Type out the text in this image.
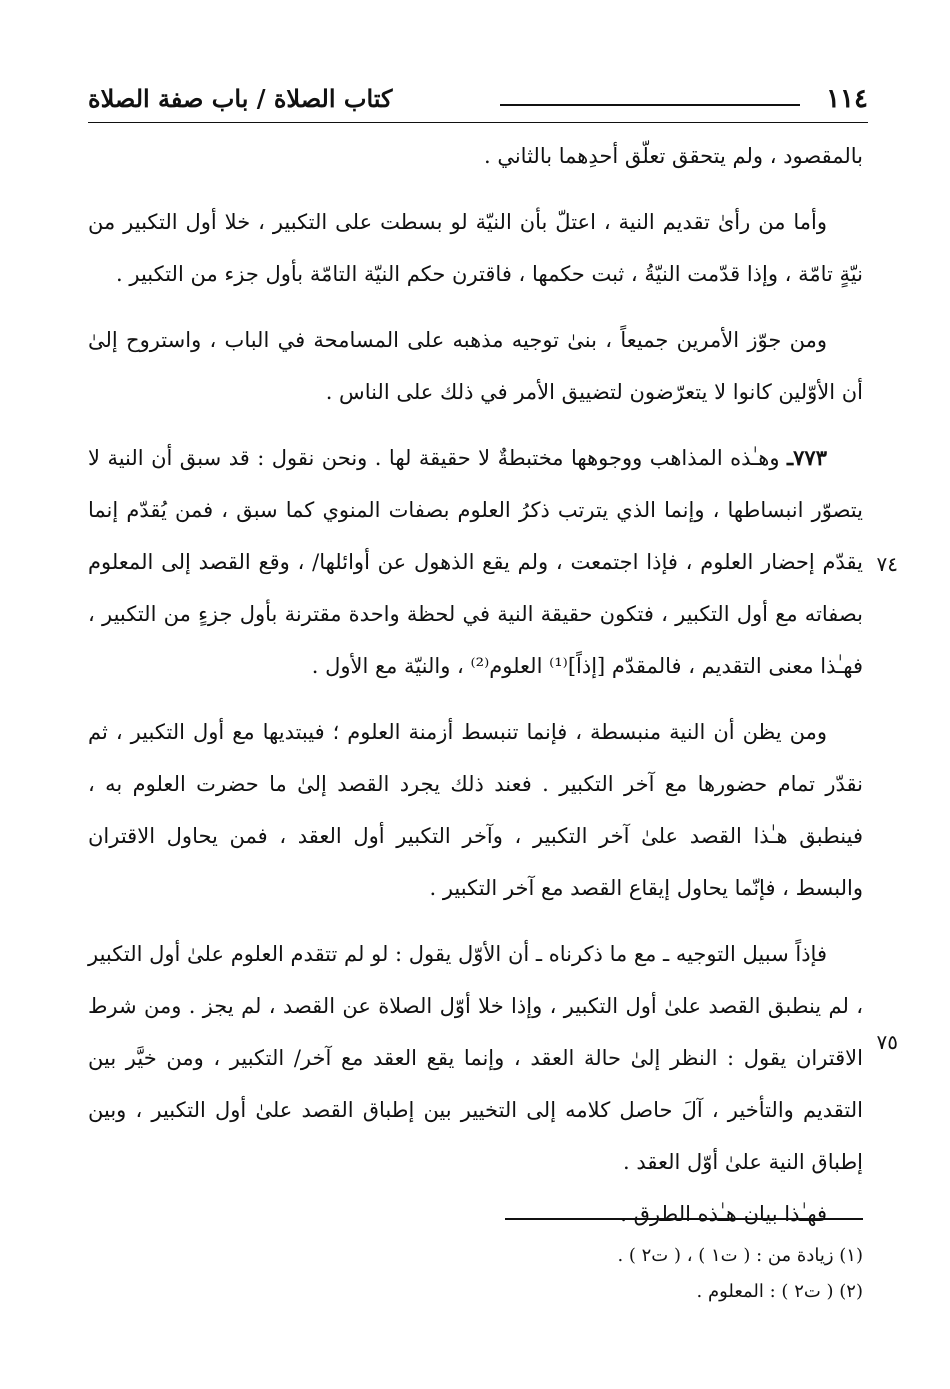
١١٤
كتاب الصلاة / باب صفة الصلاة

بالمقصود ، ولم يتحقق تعلّق أحدِهما بالثاني .

وأما من رأىٰ تقديم النية ، اعتلّ بأن النيّة لو بسطت على التكبير ، خلا أول التكبير من نيّةٍ تامّة ، وإذا قدّمت النيّةُ ، ثبت حكمها ، فاقترن حكم النيّة التامّة بأول جزء من التكبير .

ومن جوّز الأمرين جميعاً ، بنىٰ توجيه مذهبه على المسامحة في الباب ، واستروح إلىٰ أن الأوّلين كانوا لا يتعرّضون لتضييق الأمر في ذلك على الناس .

٧٧٣ـ وهـٰذه المذاهب ووجوهها مختبطةٌ لا حقيقة لها . ونحن نقول : قد سبق أن النية لا يتصوّر انبساطها ، وإنما الذي يترتب ذكرُ العلوم بصفات المنوي كما سبق ، فمن يُقدّم إنما يقدّم إحضار العلوم ، فإذا اجتمعت ، ولم يقع الذهول عن أوائلها/ ، وقع القصد إلى المعلوم بصفاته مع أول التكبير ، فتكون حقيقة النية في لحظة واحدة مقترنة بأول جزءٍ من التكبير ، فهـٰذا معنى التقديم ، فالمقدّم [إذاً]⁽¹⁾ العلوم⁽²⁾ ، والنيّة مع الأول .

ومن يظن أن النية منبسطة ، فإنما تنبسط أزمنة العلوم ؛ فيبتديها مع أول التكبير ، ثم نقدّر تمام حضورها مع آخر التكبير . فعند ذلك يجرد القصد إلىٰ ما حضرت العلوم به ، فينطبق هـٰذا القصد علىٰ آخر التكبير ، وآخر التكبير أول العقد ، فمن يحاول الاقتران والبسط ، فإنّما يحاول إيقاع القصد مع آخر التكبير .

فإذاً سبيل التوجيه ـ مع ما ذكرناه ـ أن الأوّل يقول : لو لم تتقدم العلوم علىٰ أول التكبير ، لم ينطبق القصد علىٰ أول التكبير ، وإذا خلا أوّل الصلاة عن القصد ، لم يجز . ومن شرط الاقتران يقول : النظر إلىٰ حالة العقد ، وإنما يقع العقد مع آخر/ التكبير ، ومن خيَّر بين التقديم والتأخير ، آلَ حاصل كلامه إلى التخيير بين إطباق القصد علىٰ أول التكبير ، وبين إطباق النية علىٰ أوّل العقد .

فهـٰذا بيان هـٰذه الطرق .

٧٤
٧٥

(١) زيادة من : ( ت١ ) ، ( ت٢ ) .

(٢) ( ت٢ ) : المعلوم .
